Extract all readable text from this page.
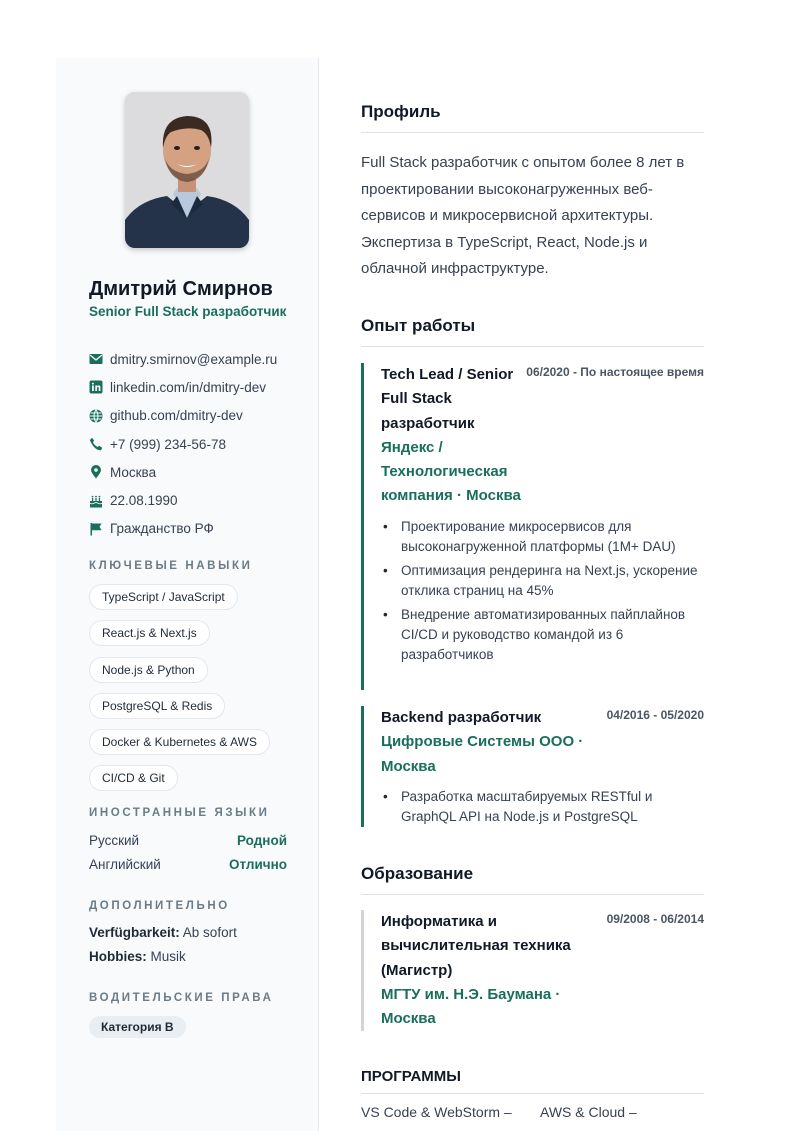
Дмитрий Смирнов
Senior Full Stack разработчик
dmitry.smirnov@example.ru
linkedin.com/in/dmitry-dev
github.com/dmitry-dev
+7 (999) 234-56-78
Москва
22.08.1990
Гражданство РФ
КЛЮЧЕВЫЕ НАВЫКИ
TypeScript / JavaScript
React.js & Next.js
Node.js & Python
PostgreSQL & Redis
Docker & Kubernetes & AWS
CI/CD & Git
ИНОСТРАННЫЕ ЯЗЫКИ
Русский	Родной
Английский	Отлично
ДОПОЛНИТЕЛЬНО
Verfügbarkeit: Ab sofort
Hobbies: Musik
ВОДИТЕЛЬСКИЕ ПРАВА
Категория B
Профиль
Full Stack разработчик с опытом более 8 лет в проектировании высоконагруженных веб-сервисов и микросервисной архитектуры. Экспертиза в TypeScript, React, Node.js и облачной инфраструктуре.
Опыт работы
Tech Lead / Senior Full Stack разработчик
Яндекс / Технологическая компания · Москва
06/2020 - По настоящее время
• Проектирование микросервисов для высоконагруженной платформы (1M+ DAU)
• Оптимизация рендеринга на Next.js, ускорение отклика страниц на 45%
• Внедрение автоматизированных пайплайнов CI/CD и руководство командой из 6 разработчиков
Backend разработчик
Цифровые Системы ООО · Москва
04/2016 - 05/2020
• Разработка масштабируемых RESTful и GraphQL API на Node.js и PostgreSQL
Образование
Информатика и вычислительная техника (Магистр)
МГТУ им. Н.Э. Баумана · Москва
09/2008 - 06/2014
ПРОГРАММЫ
VS Code & WebStorm – AWS & Cloud –
